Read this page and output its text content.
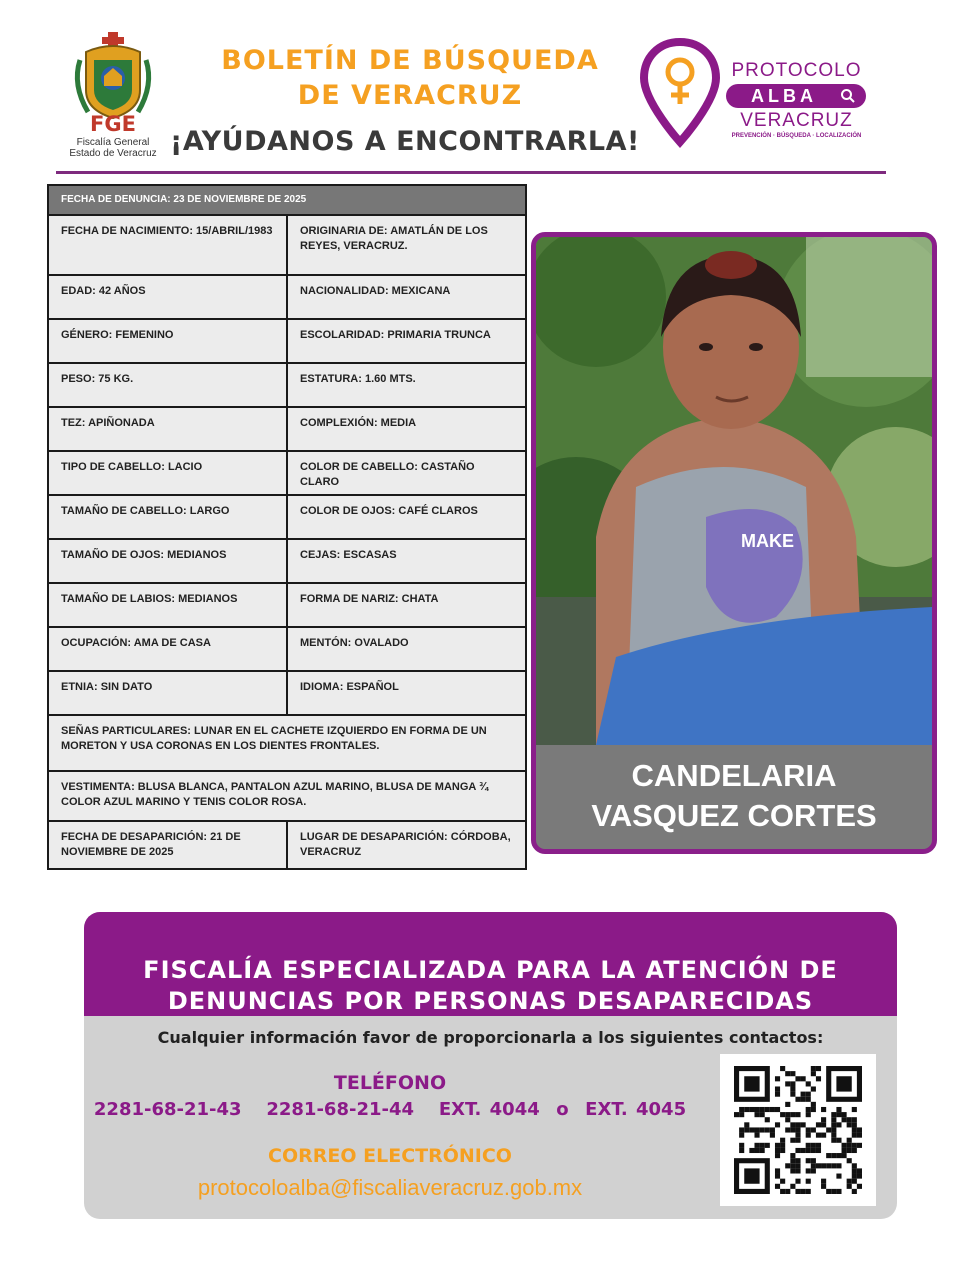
FGE
Fiscalía General
Estado de Veracruz
BOLETÍN DE BÚSQUEDA
DE VERACRUZ
¡AYÚDANOS A ENCONTRARLA!
PROTOCOLO
ALBA
VERACRUZ
PREVENCIÓN · BÚSQUEDA · LOCALIZACIÓN
FECHA DE DENUNCIA: 23 DE NOVIEMBRE DE 2025
FECHA DE NACIMIENTO: 15/ABRIL/1983	ORIGINARIA DE: AMATLÁN DE LOS REYES, VERACRUZ.
EDAD: 42 AÑOS	NACIONALIDAD: MEXICANA
GÉNERO: FEMENINO	ESCOLARIDAD: PRIMARIA TRUNCA
PESO: 75 KG.	ESTATURA: 1.60 MTS.
TEZ: APIÑONADA	COMPLEXIÓN: MEDIA
TIPO DE CABELLO: LACIO	COLOR DE CABELLO: CASTAÑO CLARO
TAMAÑO DE CABELLO: LARGO	COLOR DE OJOS: CAFÉ CLAROS
TAMAÑO DE OJOS: MEDIANOS	CEJAS: ESCASAS
TAMAÑO DE LABIOS: MEDIANOS	FORMA DE NARIZ: CHATA
OCUPACIÓN: AMA DE CASA	MENTÓN: OVALADO
ETNIA: SIN DATO	IDIOMA: ESPAÑOL
SEÑAS PARTICULARES: LUNAR EN EL CACHETE IZQUIERDO EN FORMA DE UN MORETON Y USA CORONAS EN LOS DIENTES FRONTALES.
VESTIMENTA: BLUSA BLANCA, PANTALON AZUL MARINO, BLUSA DE MANGA ¾ COLOR AZUL MARINO Y TENIS COLOR ROSA.
FECHA DE DESAPARICIÓN: 21 DE NOVIEMBRE DE 2025
LUGAR DE DESAPARICIÓN: CÓRDOBA, VERACRUZ
MAKE
CANDELARIA
VASQUEZ CORTES
FISCALÍA ESPECIALIZADA PARA LA ATENCIÓN DE
DENUNCIAS POR PERSONAS DESAPARECIDAS
Cualquier información favor de proporcionarla a los siguientes contactos:
TELÉFONO
2281-68-21-43   2281-68-21-44   EXT. 4044  o  EXT. 4045
CORREO ELECTRÓNICO
protocoloalba@fiscaliaveracruz.gob.mx
